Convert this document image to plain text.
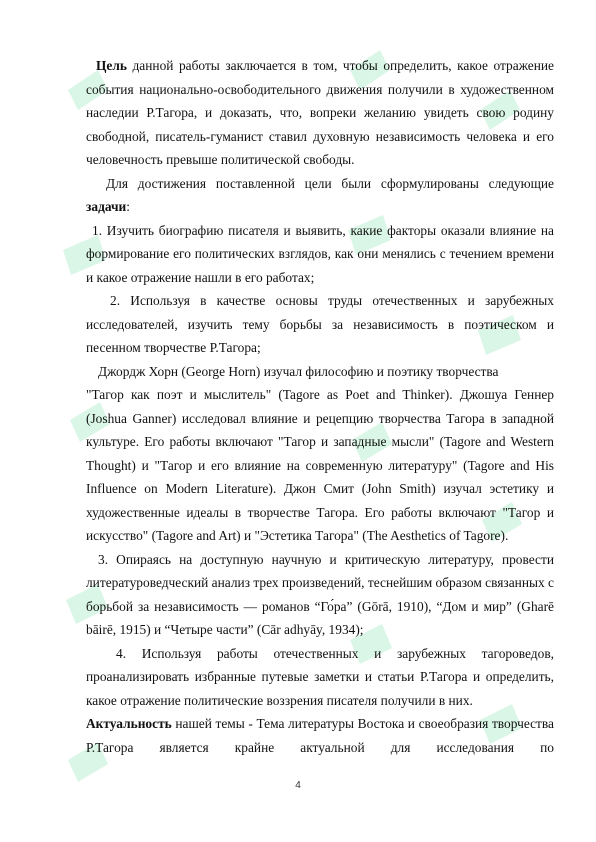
Цель данной работы заключается в том, чтобы определить, какое отражение события национально-освободительного движения получили в художественном наследии Р.Тагора, и доказать, что, вопреки желанию увидеть свою родину свободной, писатель-гуманист ставил духовную независимость человека и его человечность превыше политической свободы.

Для достижения поставленной цели были сформулированы следующие задачи:

1. Изучить биографию писателя и выявить, какие факторы оказали влияние на формирование его политических взглядов, как они менялись с течением времени и какое отражение нашли в его работах;

2. Используя в качестве основы труды отечественных и зарубежных исследователей, изучить тему борьбы за независимость в поэтическом и песенном творчестве Р.Тагора;

Джордж Хорн (George Horn) изучал философию и поэтику творчества

"Тагор как поэт и мыслитель" (Tagore as Poet and Thinker). Джошуа Геннер (Joshua Ganner) исследовал влияние и рецепцию творчества Тагора в западной культуре. Его работы включают "Тагор и западные мысли" (Tagore and Western Thought) и "Тагор и его влияние на современную литературу" (Tagore and His Influence on Modern Literature). Джон Смит (John Smith) изучал эстетику и художественные идеалы в творчестве Тагора. Его работы включают "Тагор и искусство" (Tagore and Art) и "Эстетика Тагора" (The Aesthetics of Tagore).

3. Опираясь на доступную научную и критическую литературу, провести литературоведческий анализ трех произведений, теснейшим образом связанных с борьбой за независимость — романов “Го́ра” (Gōrā, 1910), “Дом и мир” (Gharē bāirē, 1915) и “Четыре части” (Cār adhyāy, 1934);

4. Используя работы отечественных и зарубежных тагороведов, проанализировать избранные путевые заметки и статьи Р.Тагора и определить, какое отражение политические воззрения писателя получили в них.

Актуальность нашей темы - Тема литературы Востока и своеобразия творчества Р.Тагора является крайне актуальной для исследования по

4
